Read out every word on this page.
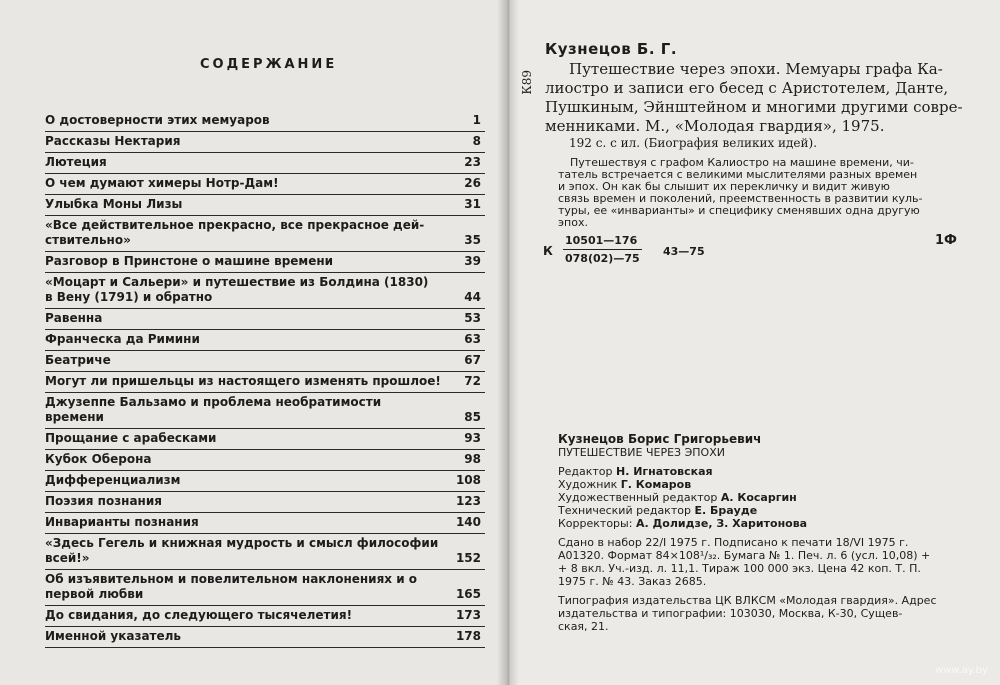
СОДЕРЖАНИЕ
О достоверности этих мемуаров	1
Рассказы Нектария	8
Лютеция	23
О чем думают химеры Нотр-Дам!	26
Улыбка Моны Лизы	31
«Все действительное прекрасно, все прекрасное дей-
ствительно»	35
Разговор в Принстоне о машине времени	39
«Моцарт и Сальери» и путешествие из Болдина (1830)
в Вену (1791) и обратно	44
Равенна	53
Франческа да Римини	63
Беатриче	67
Могут ли пришельцы из настоящего изменять прошлое!	72
Джузеппе Бальзамо и проблема необратимости времени	85
Прощание с арабесками	93
Кубок Оберона	98
Дифференциализм	108
Поэзия познания	123
Инварианты познания	140
«Здесь Гегель и книжная мудрость и смысл философии
всей!»	152
Об изъявительном и повелительном наклонениях и о
первой любви	165
До свидания, до следующего тысячелетия!	173
Именной указатель	178
К89
Кузнецов Б. Г.
Путешествие через эпохи. Мемуары графа Ка-
лиостро и записи его бесед с Аристотелем, Данте,
Пушкиным, Эйнштейном и многими другими совре-
менниками. М., «Молодая гвардия», 1975.
192 с. с ил. (Биография великих идей).
Путешествуя с графом Калиостро на машине времени, чи-
татель встречается с великими мыслителями разных времен
и эпох. Он как бы слышит их перекличку и видит живую
связь времен и поколений, преемственность в развитии куль-
туры, ее «инварианты» и специфику сменявших одна другую
эпох.
К $\frac{10501—176}{078(02)—75}$ 43—75
1Ф
Кузнецов Борис Григорьевич
ПУТЕШЕСТВИЕ ЧЕРЕЗ ЭПОХИ
Редактор Н. Игнатовская
Художник Г. Комаров
Художественный редактор А. Косаргин
Технический редактор Е. Брауде
Корректоры: А. Долидзе, З. Харитонова
Сдано в набор 22/I 1975 г. Подписано к печати 18/VI 1975 г.
А01320. Формат 84×108¹/₃₂. Бумага № 1. Печ. л. 6 (усл. 10,08) +
+ 8 вкл. Уч.-изд. л. 11,1. Тираж 100 000 экз. Цена 42 коп. Т. П.
1975 г. № 43. Заказ 2685.
Типография издательства ЦК ВЛКСМ «Молодая гвардия». Адрес
издательства и типографии: 103030, Москва, К-30, Сущев-
ская, 21.
www.ay.by
